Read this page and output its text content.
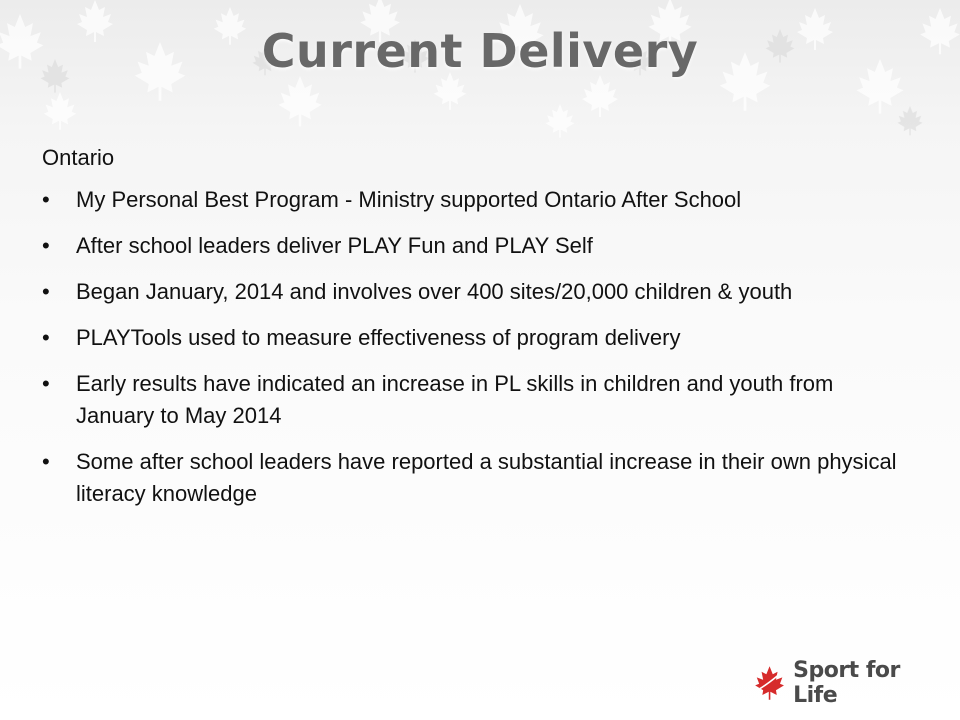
Current Delivery
Ontario
•	My Personal Best Program - Ministry supported Ontario After School
•	After school leaders deliver PLAY Fun and PLAY Self
•	Began January, 2014 and involves over 400 sites/20,000 children & youth
•	PLAYTools used to measure effectiveness of program delivery
•	Early results have indicated an increase in PL skills in children and youth from January to May 2014
•	Some after school leaders have reported a substantial increase in their own physical literacy knowledge
Sport for Life
